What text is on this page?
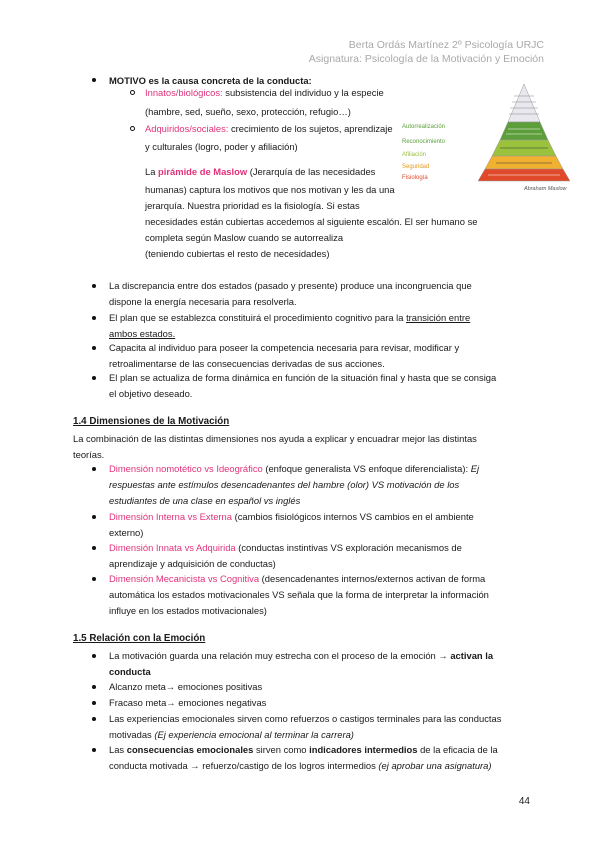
Berta Ordás Martínez 2º Psicología URJC
Asignatura: Psicología de la Motivación y Emoción
MOTIVO es la causa concreta de la conducta:
Innatos/biológicos: subsistencia del individuo y la especie
(hambre, sed, sueño, sexo, protección, refugio…)
Adquiridos/sociales: crecimiento de los sujetos, aprendizaje
y culturales (logro, poder y afiliación)
La pirámide de Maslow (Jerarquía de las necesidades
humanas) captura los motivos que nos motivan y les da una
jerarquía. Nuestra prioridad es la fisiología. Si estas
necesidades están cubiertas accedemos al siguiente escalón. El ser humano se
completa según Maslow cuando se autorrealiza
(teniendo cubiertas el resto de necesidades)
Autorrealización
Reconocimiento
Afiliación
Seguridad
Fisiología
Abraham Maslow
La discrepancia entre dos estados (pasado y presente) produce una incongruencia que
dispone la energía necesaria para resolverla.
El plan que se establezca constituirá el procedimiento cognitivo para la transición entre
ambos estados.
Capacita al individuo para poseer la competencia necesaria para revisar, modificar y
retroalimentarse de las consecuencias derivadas de sus acciones.
El plan se actualiza de forma dinámica en función de la situación final y hasta que se consiga
el objetivo deseado.
1.4 Dimensiones de la Motivación
La combinación de las distintas dimensiones nos ayuda a explicar y encuadrar mejor las distintas
teorías.
Dimensión nomotético vs Ideográfico (enfoque generalista VS enfoque diferencialista): Ej
respuestas ante estímulos desencadenantes del hambre (olor) VS motivación de los
estudiantes de una clase en español vs inglés
Dimensión Interna vs Externa (cambios fisiológicos internos VS cambios en el ambiente
externo)
Dimensión Innata vs Adquirida (conductas instintivas VS exploración mecanismos de
aprendizaje y adquisición de conductas)
Dimensión Mecanicista vs Cognitiva (desencadenantes internos/externos activan de forma
automática los estados motivacionales VS señala que la forma de interpretar la información
influye en los estados motivacionales)
1.5 Relación con la Emoción
La motivación guarda una relación muy estrecha con el proceso de la emoción → activan la
conducta
Alcanzo meta→ emociones positivas
Fracaso meta→ emociones negativas
Las experiencias emocionales sirven como refuerzos o castigos terminales para las conductas
motivadas (Ej experiencia emocional al terminar la carrera)
Las consecuencias emocionales sirven como indicadores intermedios de la eficacia de la
conducta motivada → refuerzo/castigo de los logros intermedios (ej aprobar una asignatura)
44
